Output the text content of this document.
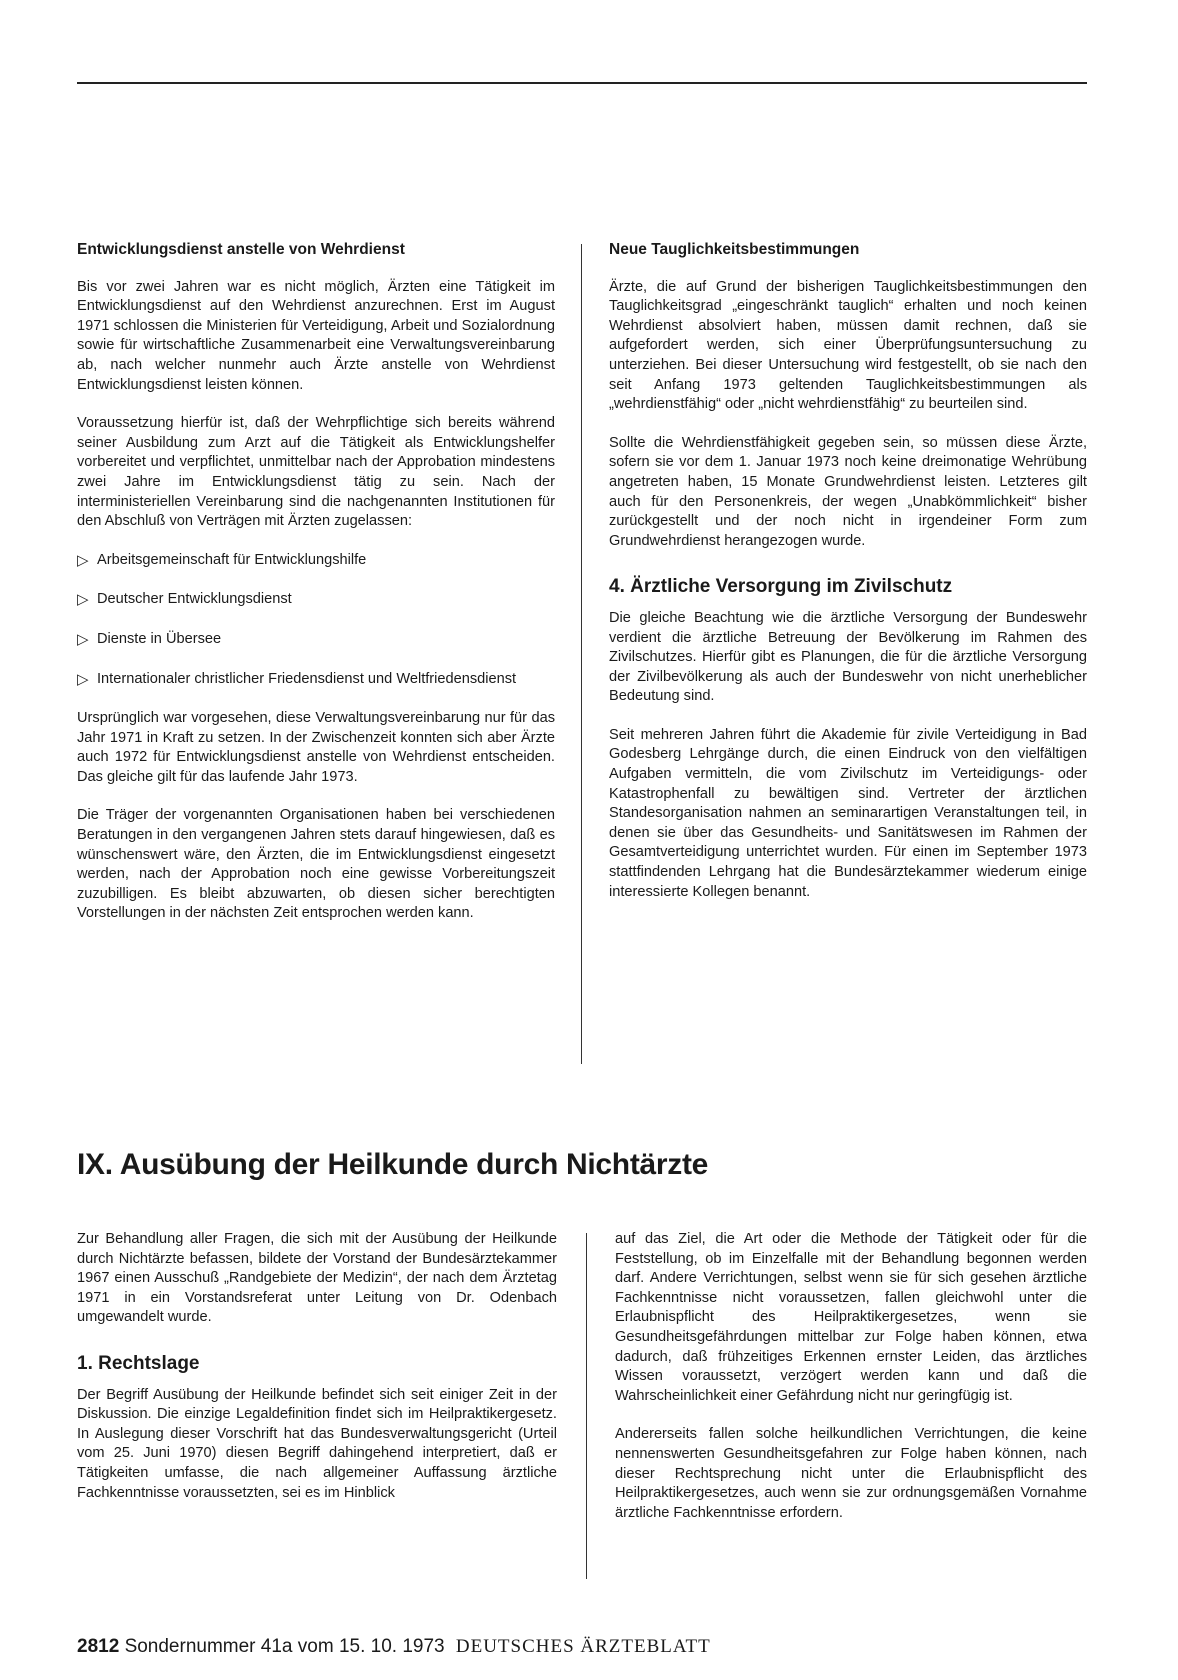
Entwicklungsdienst anstelle von Wehrdienst

Bis vor zwei Jahren war es nicht möglich, Ärzten eine Tätigkeit im Entwicklungsdienst auf den Wehrdienst anzurechnen. Erst im August 1971 schlossen die Ministerien für Verteidigung, Arbeit und Sozialordnung sowie für wirtschaftliche Zusammenarbeit eine Verwaltungsvereinbarung ab, nach welcher nunmehr auch Ärzte anstelle von Wehrdienst Entwicklungsdienst leisten können.

Voraussetzung hierfür ist, daß der Wehrpflichtige sich bereits während seiner Ausbildung zum Arzt auf die Tätigkeit als Entwicklungshelfer vorbereitet und verpflichtet, unmittelbar nach der Approbation mindestens zwei Jahre im Entwicklungsdienst tätig zu sein. Nach der interministeriellen Vereinbarung sind die nachgenannten Institutionen für den Abschluß von Verträgen mit Ärzten zugelassen:

▷ Arbeitsgemeinschaft für Entwicklungshilfe
▷ Deutscher Entwicklungsdienst
▷ Dienste in Übersee
▷ Internationaler christlicher Friedensdienst und Weltfriedensdienst

Ursprünglich war vorgesehen, diese Verwaltungsvereinbarung nur für das Jahr 1971 in Kraft zu setzen. In der Zwischenzeit konnten sich aber Ärzte auch 1972 für Entwicklungsdienst anstelle von Wehrdienst entscheiden. Das gleiche gilt für das laufende Jahr 1973.

Die Träger der vorgenannten Organisationen haben bei verschiedenen Beratungen in den vergangenen Jahren stets darauf hingewiesen, daß es wünschenswert wäre, den Ärzten, die im Entwicklungsdienst eingesetzt werden, nach der Approbation noch eine gewisse Vorbereitungszeit zuzubilligen. Es bleibt abzuwarten, ob diesen sicher berechtigten Vorstellungen in der nächsten Zeit entsprochen werden kann.

Neue Tauglichkeitsbestimmungen

Ärzte, die auf Grund der bisherigen Tauglichkeitsbestimmungen den Tauglichkeitsgrad „eingeschränkt tauglich“ erhalten und noch keinen Wehrdienst absolviert haben, müssen damit rechnen, daß sie aufgefordert werden, sich einer Überprüfungsuntersuchung zu unterziehen. Bei dieser Untersuchung wird festgestellt, ob sie nach den seit Anfang 1973 geltenden Tauglichkeitsbestimmungen als „wehrdienstfähig“ oder „nicht wehrdienstfähig“ zu beurteilen sind.

Sollte die Wehrdienstfähigkeit gegeben sein, so müssen diese Ärzte, sofern sie vor dem 1. Januar 1973 noch keine dreimonatige Wehrübung angetreten haben, 15 Monate Grundwehrdienst leisten. Letzteres gilt auch für den Personenkreis, der wegen „Unabkömmlichkeit“ bisher zurückgestellt und der noch nicht in irgendeiner Form zum Grundwehrdienst herangezogen wurde.

4. Ärztliche Versorgung im Zivilschutz

Die gleiche Beachtung wie die ärztliche Versorgung der Bundeswehr verdient die ärztliche Betreuung der Bevölkerung im Rahmen des Zivilschutzes. Hierfür gibt es Planungen, die für die ärztliche Versorgung der Zivilbevölkerung als auch der Bundeswehr von nicht unerheblicher Bedeutung sind.

Seit mehreren Jahren führt die Akademie für zivile Verteidigung in Bad Godesberg Lehrgänge durch, die einen Eindruck von den vielfältigen Aufgaben vermitteln, die vom Zivilschutz im Verteidigungs- oder Katastrophenfall zu bewältigen sind. Vertreter der ärztlichen Standesorganisation nahmen an seminarartigen Veranstaltungen teil, in denen sie über das Gesundheits- und Sanitätswesen im Rahmen der Gesamtverteidigung unterrichtet wurden. Für einen im September 1973 stattfindenden Lehrgang hat die Bundesärztekammer wiederum einige interessierte Kollegen benannt.

IX. Ausübung der Heilkunde durch Nichtärzte

Zur Behandlung aller Fragen, die sich mit der Ausübung der Heilkunde durch Nichtärzte befassen, bildete der Vorstand der Bundesärztekammer 1967 einen Ausschuß „Randgebiete der Medizin“, der nach dem Ärztetag 1971 in ein Vorstandsreferat unter Leitung von Dr. Odenbach umgewandelt wurde.

1. Rechtslage

Der Begriff Ausübung der Heilkunde befindet sich seit einiger Zeit in der Diskussion. Die einzige Legaldefinition findet sich im Heilpraktikergesetz. In Auslegung dieser Vorschrift hat das Bundesverwaltungsgericht (Urteil vom 25. Juni 1970) diesen Begriff dahingehend interpretiert, daß er Tätigkeiten umfasse, die nach allgemeiner Auffassung ärztliche Fachkenntnisse voraussetzten, sei es im Hinblick

auf das Ziel, die Art oder die Methode der Tätigkeit oder für die Feststellung, ob im Einzelfalle mit der Behandlung begonnen werden darf. Andere Verrichtungen, selbst wenn sie für sich gesehen ärztliche Fachkenntnisse nicht voraussetzen, fallen gleichwohl unter die Erlaubnispflicht des Heilpraktikergesetzes, wenn sie Gesundheitsgefährdungen mittelbar zur Folge haben können, etwa dadurch, daß frühzeitiges Erkennen ernster Leiden, das ärztliches Wissen voraussetzt, verzögert werden kann und daß die Wahrscheinlichkeit einer Gefährdung nicht nur geringfügig ist.

Andererseits fallen solche heilkundlichen Verrichtungen, die keine nennenswerten Gesundheitsgefahren zur Folge haben können, nach dieser Rechtsprechung nicht unter die Erlaubnispflicht des Heilpraktikergesetzes, auch wenn sie zur ordnungsgemäßen Vornahme ärztliche Fachkenntnisse erfordern.

2812 Sondernummer 41a vom 15. 10. 1973 DEUTSCHES ÄRZTEBLATT
